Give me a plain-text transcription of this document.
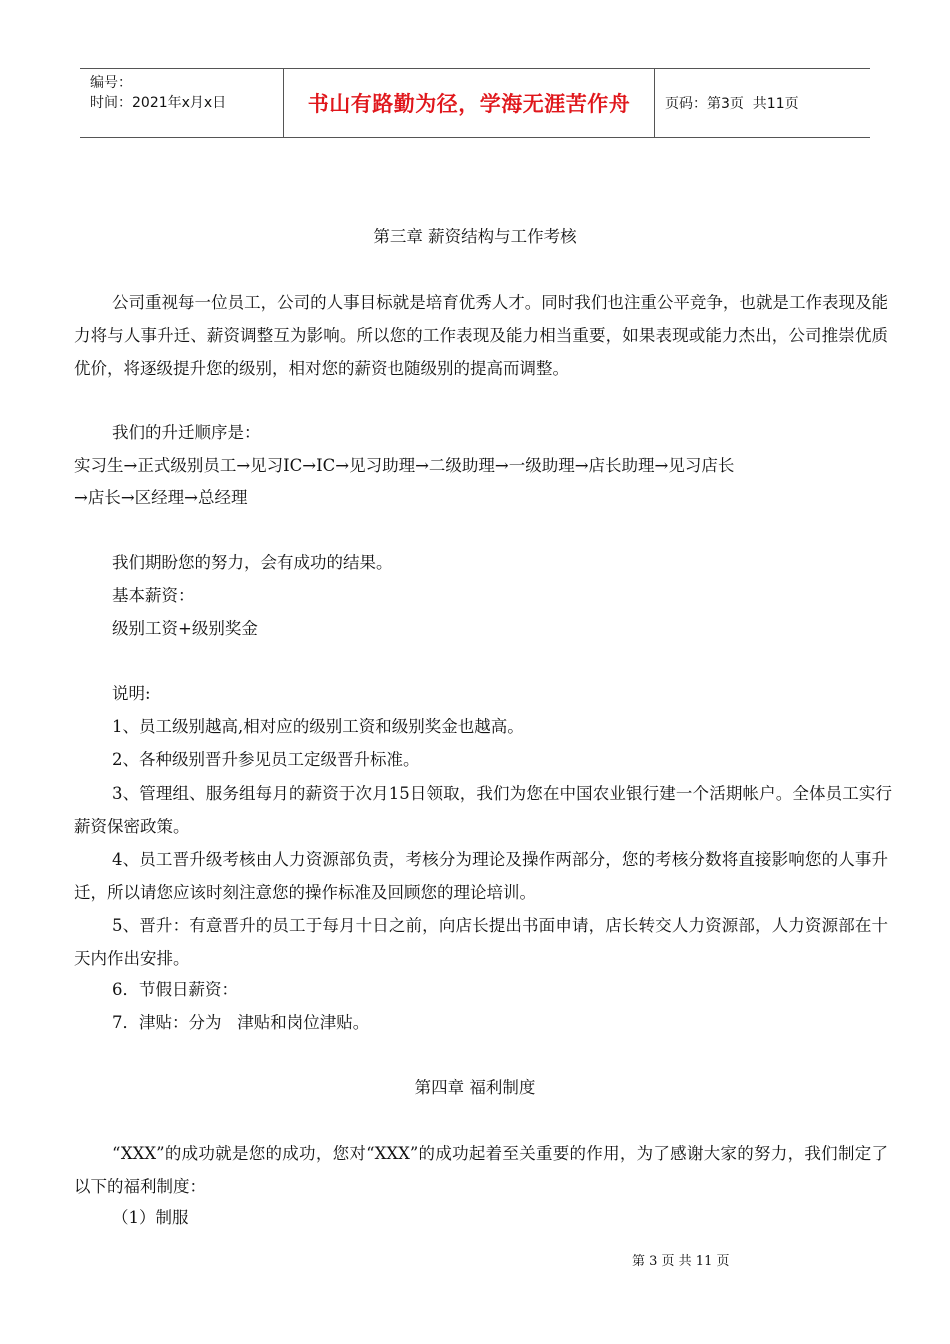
编号：
时间：2021年x月x日	书山有路勤为径，学海无涯苦作舟	页码：第3页  共11页
第三章 薪资结构与工作考核
公司重视每一位员工，公司的人事目标就是培育优秀人才。同时我们也注重公平竞争，也就是工作表现及能力将与人事升迁、薪资调整互为影响。所以您的工作表现及能力相当重要，如果表现或能力杰出，公司推崇优质优价，将逐级提升您的级别，相对您的薪资也随级别的提高而调整。
我们的升迁顺序是：
实习生→正式级别员工→见习IC→IC→见习助理→二级助理→一级助理→店长助理→见习店长
→店长→区经理→总经理
我们期盼您的努力，会有成功的结果。
基本薪资：
级别工资+级别奖金
说明:
1、员工级别越高,相对应的级别工资和级别奖金也越高。
2、各种级别晋升参见员工定级晋升标准。
3、管理组、服务组每月的薪资于次月15日领取，我们为您在中国农业银行建一个活期帐户。全体员工实行薪资保密政策。
4、员工晋升级考核由人力资源部负责，考核分为理论及操作两部分，您的考核分数将直接影响您的人事升迁，所以请您应该时刻注意您的操作标准及回顾您的理论培训。
5、晋升：有意晋升的员工于每月十日之前，向店长提出书面申请，店长转交人力资源部，人力资源部在十天内作出安排。
6．节假日薪资：
7．津贴：分为   津贴和岗位津贴。
第四章 福利制度
“XXX”的成功就是您的成功，您对“XXX”的成功起着至关重要的作用，为了感谢大家的努力，我们制定了以下的福利制度：
（1）制服
第 3 页 共 11 页
